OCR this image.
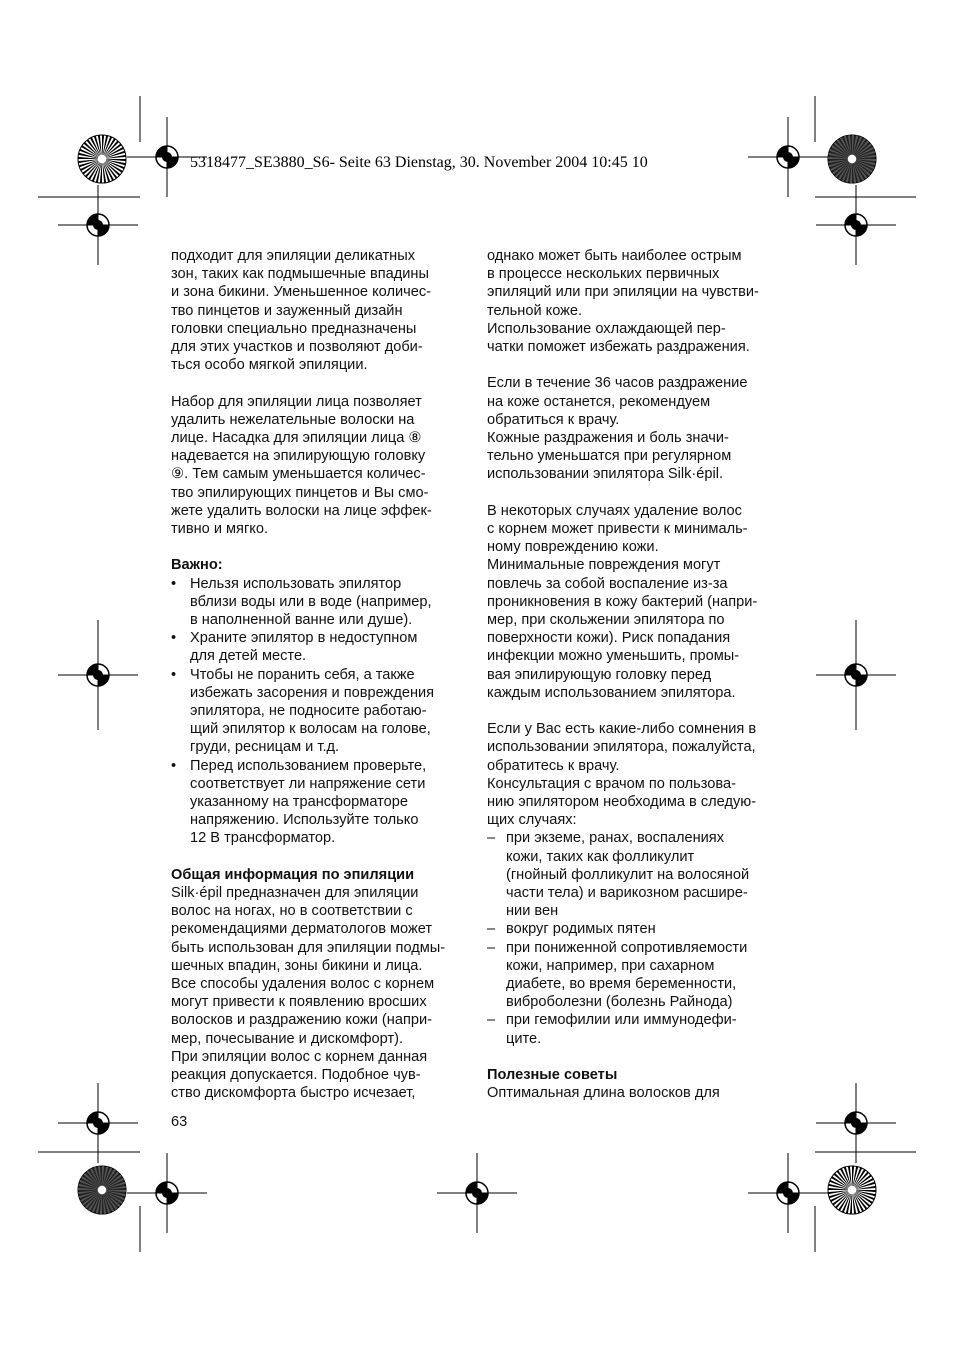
5318477_SE3880_S6- Seite 63 Dienstag, 30. November 2004 10:45 10
подходит для эпиляции деликатных
зон, таких как подмышечные впадины
и зона бикини. Уменьшенное количес-
тво пинцетов и зауженный дизайн
головки специально предназначены
для этих участков и позволяют доби-
ться особо мягкой эпиляции.
Набор для эпиляции лица позволяет
удалить нежелательные волоски на
лице. Насадка для эпиляции лица ⑧
надевается на эпилирующую головку
⑨. Тем самым уменьшается количес-
тво эпилирующих пинцетов и Вы смо-
жете удалить волоски на лице эффек-
тивно и мягко.
Важно:
• Нельзя использовать эпилятор
вблизи воды или в воде (например,
в наполненной ванне или душе).
• Храните эпилятор в недоступном
для детей месте.
• Чтобы не поранить себя, а также
избежать засорения и повреждения
эпилятора, не подносите работаю-
щий эпилятор к волосам на голове,
груди, ресницам и т.д.
• Перед использованием проверьте,
соответствует ли напряжение сети
указанному на трансформаторе
напряжению. Используйте только
12 В трансформатор.
Общая информация по эпиляции
Silk·épil предназначен для эпиляции
волос на ногах, но в соответствии с
рекомендациями дерматологов может
быть использован для эпиляции подмы-
шечных впадин, зоны бикини и лица.
Все способы удаления волос с корнем
могут привести к появлению вросших
волосков и раздражению кожи (напри-
мер, почесывание и дискомфорт).
При эпиляции волос с корнем данная
реакция допускается. Подобное чув-
ство дискомфорта быстро исчезает,
однако может быть наиболее острым
в процессе нескольких первичных
эпиляций или при эпиляции на чувстви-
тельной коже.
Использование охлаждающей пер-
чатки поможет избежать раздражения.
Если в течение 36 часов раздражение
на коже останется, рекомендуем
обратиться к врачу.
Кожные раздражения и боль значи-
тельно уменьшатся при регулярном
использовании эпилятора Silk·épil.
В некоторых случаях удаление волос
с корнем может привести к минималь-
ному повреждению кожи.
Минимальные повреждения могут
повлечь за собой воспаление из-за
проникновения в кожу бактерий (напри-
мер, при скольжении эпилятора по
поверхности кожи). Риск попадания
инфекции можно уменьшить, промы-
вая эпилирующую головку перед
каждым использованием эпилятора.
Если у Вас есть какие-либо сомнения в
использовании эпилятора, пожалуйста,
обратитесь к врачу.
Консультация с врачом по пользова-
нию эпилятором необходима в следую-
щих случаях:
– при экземе, ранах, воспалениях
кожи, таких как фолликулит
(гнойный фолликулит на волосяной
части тела) и варикозном расшире-
нии вен
– вокруг родимых пятен
– при пониженной сопротивляемости
кожи, например, при сахарном
диабете, во время беременности,
виброболезни (болезнь Райнода)
– при гемофилии или иммунодефи-
ците.
Полезные советы
Оптимальная длина волосков для
63
